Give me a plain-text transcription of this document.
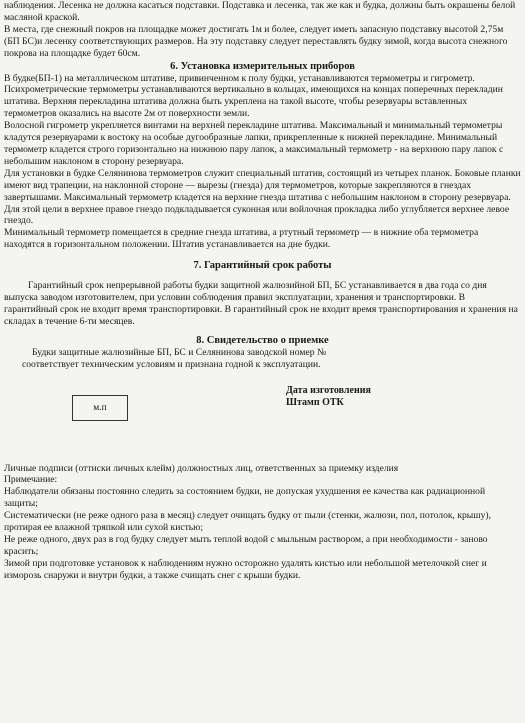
наблюдения. Лесенка не должна касаться подставки. Подставка и лесенка, так же как и будка, должны быть окрашены белой масляной краской.

В места, где снежный покров на площадке может достигать 1м и более, следует иметь запасную подставку высотой 2,75м (БП БС)и лесенку соответствующих размеров. На эту подставку следует переставлять будку зимой, когда высота снежного покрова на площадке будет 60см.

6. Установка измерительных приборов

В будке(БП-1) на металлическом штативе, привинченном к полу будки, устанавливаются термометры и гигрометр. Психрометрические термометры устанавливаются вертикально в кольцах, имеющихся на концах поперечных перекладин штатива. Верхняя перекладина штатива должна быть укреплена на такой высоте, чтобы резервуары вставленных термометров оказались на высоте 2м от поверхности земли.

Волосной гигрометр укрепляется винтами на верхней перекладине штатива. Максимальный и минимальный термометры кладутся резервуарами к востоку на особые дугообразные лапки, прикрепленные к нижней перекладине. Минимальный термометр кладется строго горизонтально на нижнюю пару лапок, а максимальный термометр - на верхнюю пару лапок с небольшим наклоном в сторону резервуара.

Для установки в будке Селянинова термометров служит специальный штатив, состоящий из четырех планок. Боковые планки имеют вид трапеции, на наклонной стороне — вырезы (гнезда) для термометров, которые закрепляются в гнездах завертышами. Максимальный термометр кладется на верхние гнезда штатива с небольшим наклоном в сторону резервуара. Для этой цели в верхнее правое гнездо подкладывается суконная или войлочная прокладка либо углубляется верхнее левое гнездо.

Минимальный термометр помещается в средние гнезда штатива, а ртутный термометр — в нижние оба термометра находятся в горизонтальном положении. Штатив устанавливается на дне будки.

7. Гарантийный срок работы

Гарантийный срок непрерывной работы будки защитной жалюзийной БП, БС устанавливается в два года со дня выпуска заводом изготовителем, при условии соблюдения правил эксплуатации, хранения и транспортировки. В гарантийный срок не входит время транспортировки. В гарантийный срок не входит время транспортирования и хранения на складах в течение 6-ти месяцев.

8. Свидетельство о приемке

Будки защитные жалюзийные БП, БС и Селянинова заводской номер №

соответствует техническим условиям и признана годной к эксплуатации.

м.п
Дата изготовления
Штамп ОТК

Личные подписи (оттиски личных клейм) должностных лиц, ответственных за приемку изделия

Примечание:

Наблюдатели обязаны постоянно следить за состоянием будки, не допуская ухудшения ее качества как радиационной защиты;

Систематически (не реже одного раза в месяц) следует очищать будку от пыли (стенки, жалюзи, пол, потолок, крышу), протирая ее влажной тряпкой или сухой кистью;

Не реже одного, двух раз в год будку следует мыть теплой водой с мыльным раствором, а при необходимости - заново красить;

Зимой при подготовке установок к наблюдениям нужно осторожно удалять кистью или небольшой метелочкой снег и изморозь снаружи и внутри будки, а также счищать снег с крыши будки.
